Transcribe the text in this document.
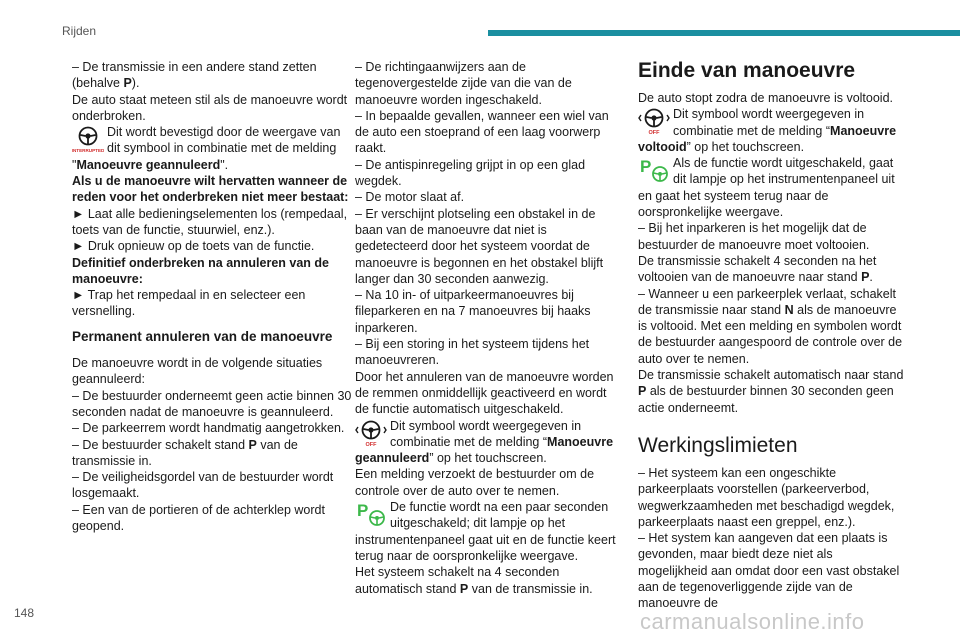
Rijden

– De transmissie in een andere stand zetten

(behalve P).

De auto staat meteen stil als de manoeuvre wordt onderbroken.

INTERRUPTED

Dit wordt bevestigd door de weergave van dit symbool in combinatie met de melding

"Manoeuvre geannuleerd".

Als u de manoeuvre wilt hervatten wanneer de reden voor het onderbreken niet meer bestaat:

► Laat alle bedieningselementen los (rempedaal, toets van de functie, stuurwiel, enz.).

► Druk opnieuw op de toets van de functie.

Definitief onderbreken na annuleren van de manoeuvre:

► Trap het rempedaal in en selecteer een versnelling.

Permanent annuleren van de manoeuvre

De manoeuvre wordt in de volgende situaties geannuleerd:

– De bestuurder onderneemt geen actie binnen 30 seconden nadat de manoeuvre is geannuleerd.

– De parkeerrem wordt handmatig aangetrokken.

– De bestuurder schakelt stand P van de transmissie in.

– De veiligheidsgordel van de bestuurder wordt losgemaakt.

– Een van de portieren of de achterklep wordt geopend.

– De richtingaanwijzers aan de tegenovergestelde zijde van die van de manoeuvre worden ingeschakeld.

– In bepaalde gevallen, wanneer een wiel van de auto een stoeprand of een laag voorwerp raakt.

– De antispinregeling grijpt in op een glad wegdek.

– De motor slaat af.

– Er verschijnt plotseling een obstakel in de baan van de manoeuvre dat niet is gedetecteerd door het systeem voordat de manoeuvre is begonnen en het obstakel blijft langer dan 30 seconden aanwezig.

– Na 10 in- of uitparkeermanoeuvres bij fileparkeren en na 7 manoeuvres bij haaks inparkeren.

– Bij een storing in het systeem tijdens het manoeuvreren.

Door het annuleren van de manoeuvre worden de remmen onmiddellijk geactiveerd en wordt de functie automatisch uitgeschakeld.

OFF

Dit symbool wordt weergegeven in combinatie met de melding “Manoeuvre geannuleerd” op het touchscreen.

Een melding verzoekt de bestuurder om de controle over de auto over te nemen.

P	De functie wordt na een paar seconden uitgeschakeld; dit lampje op het instrumentenpaneel gaat uit en de functie keert terug naar de oorspronkelijke weergave.

Het systeem schakelt na 4 seconden automatisch stand P van de transmissie in.

Einde van manoeuvre

De auto stopt zodra de manoeuvre is voltooid.

OFF

Dit symbool wordt weergegeven in combinatie met de melding “Manoeuvre voltooid” op het touchscreen.

P	Als de functie wordt uitgeschakeld, gaat dit lampje op het instrumentenpaneel uit en gaat het systeem terug naar de oorspronkelijke weergave.

– Bij het inparkeren is het mogelijk dat de bestuurder de manoeuvre moet voltooien.

De transmissie schakelt 4 seconden na het voltooien van de manoeuvre naar stand P.

– Wanneer u een parkeerplek verlaat, schakelt de transmissie naar stand N als de manoeuvre is voltooid. Met een melding en symbolen wordt de bestuurder aangespoord de controle over de auto over te nemen.

De transmissie schakelt automatisch naar stand P als de bestuurder binnen 30 seconden geen actie onderneemt.

Werkingslimieten

– Het systeem kan een ongeschikte parkeerplaats voorstellen (parkeerverbod, wegwerkzaamheden met beschadigd wegdek, parkeerplaats naast een greppel, enz.).

– Het system kan aangeven dat een plaats is gevonden, maar biedt deze niet als mogelijkheid aan omdat door een vast obstakel aan de tegenoverliggende zijde van de manoeuvre de

148	carmanualsonline.info
